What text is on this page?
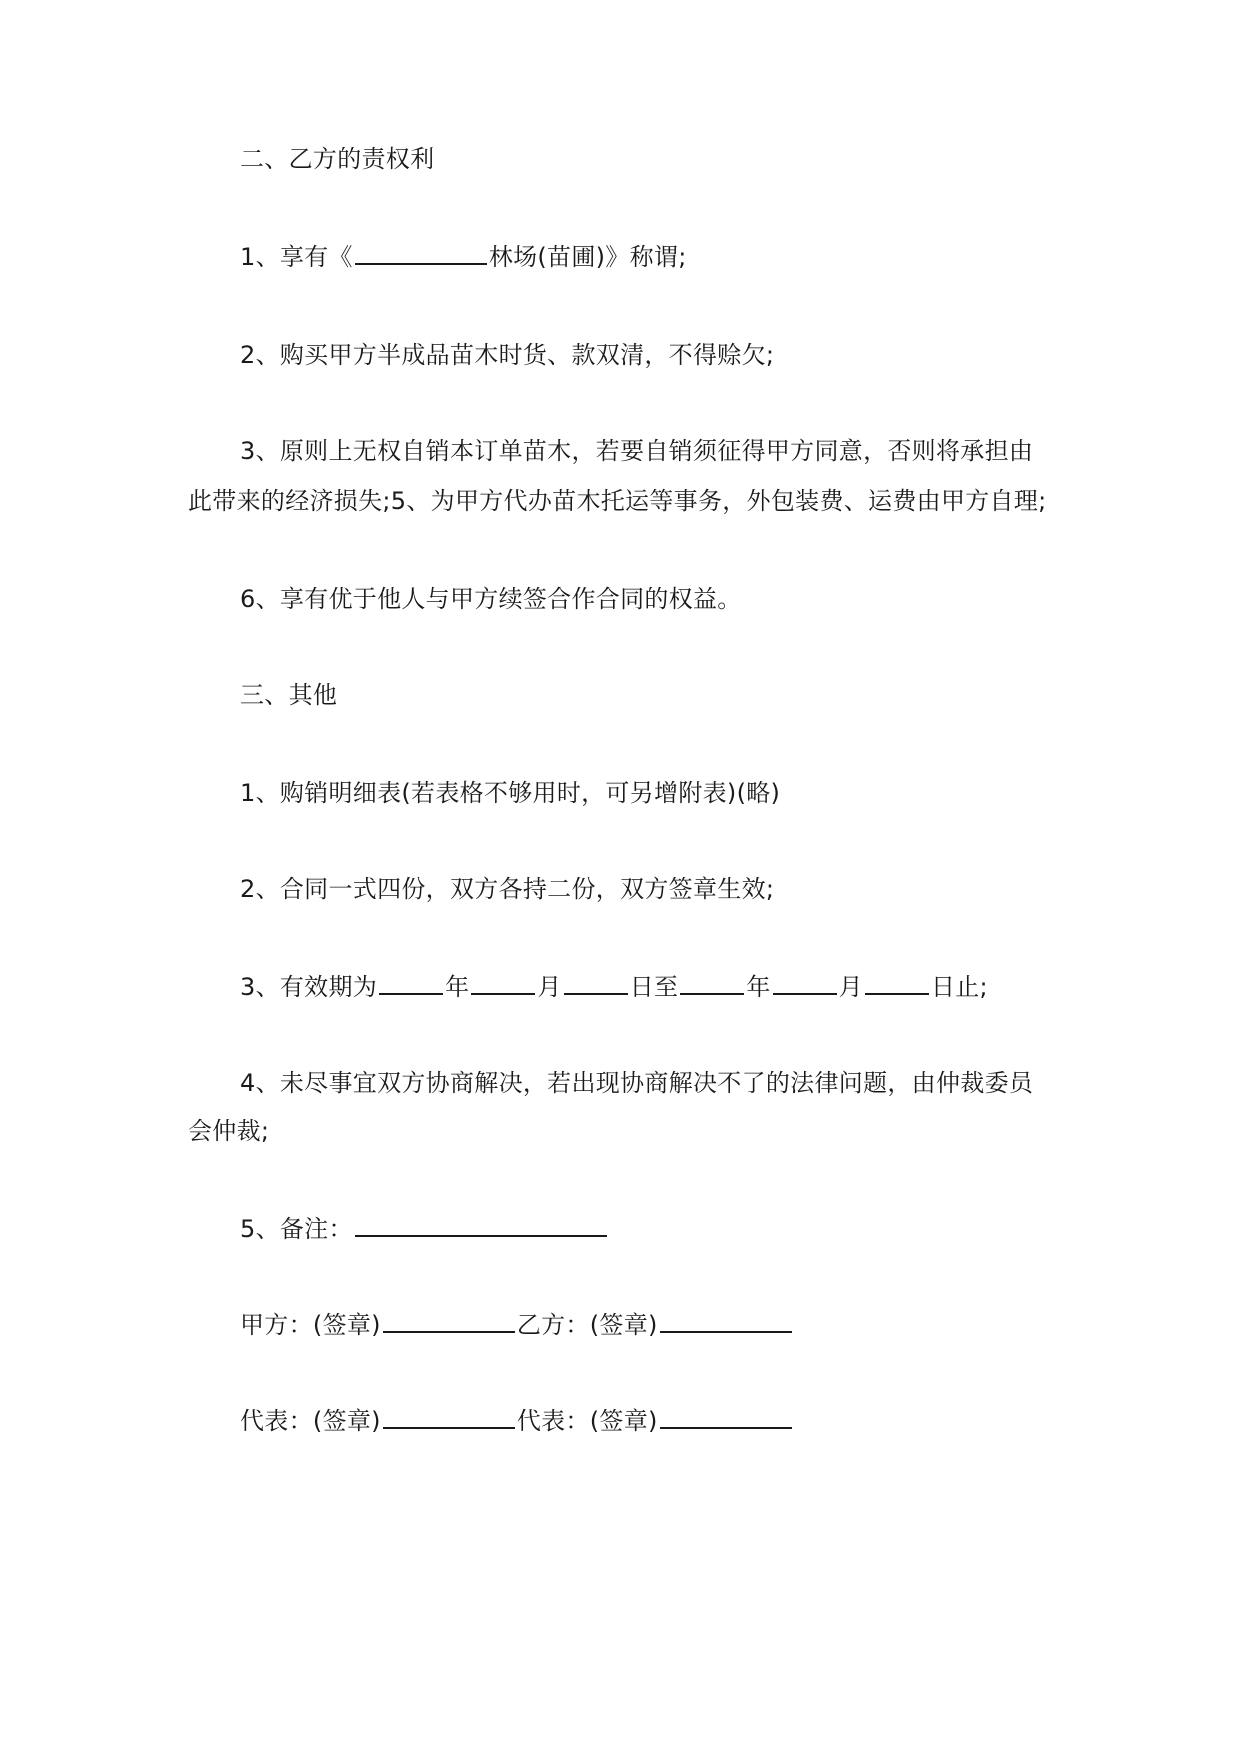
二、乙方的责权利
1、享有《	林场(苗圃)》称谓;
2、购买甲方半成品苗木时货、款双清，不得赊欠;
3、原则上无权自销本订单苗木，若要自销须征得甲方同意，否则将承担由
此带来的经济损失;5、为甲方代办苗木托运等事务，外包装费、运费由甲方自理;
6、享有优于他人与甲方续签合作合同的权益。
三、其他
1、购销明细表(若表格不够用时，可另增附表)(略)
2、合同一式四份，双方各持二份，双方签章生效;
3、有效期为	年	月	日至	年	月	日止;
4、未尽事宜双方协商解决，若出现协商解决不了的法律问题，由仲裁委员
会仲裁;
5、备注：
甲方：(签章)	乙方：(签章)
代表：(签章)	代表：(签章)
